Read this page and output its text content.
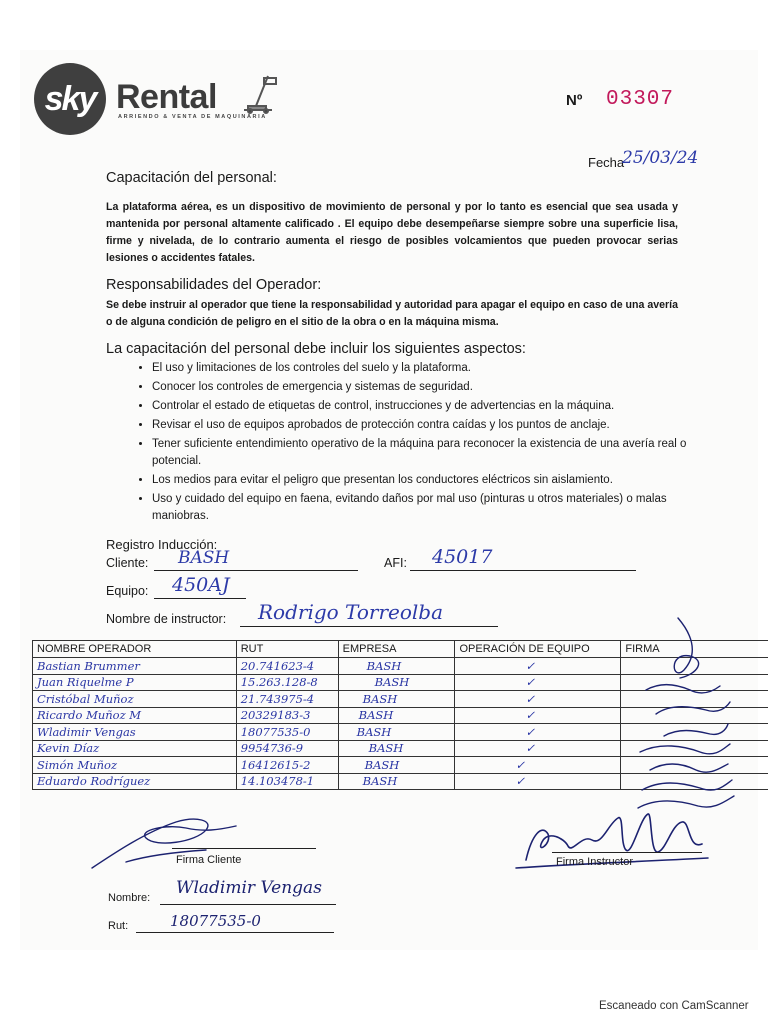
sky Rental
ARRIENDO & VENTA DE MAQUINARIA
Nº 03307
Fecha
25/03/24
Capacitación del personal:
La plataforma aérea, es un dispositivo de movimiento de personal y por lo tanto es esencial que sea usada y mantenida por personal altamente calificado . El equipo debe desempeñarse siempre sobre una superficie lisa, firme y nivelada, de lo contrario aumenta el riesgo de posibles volcamientos que pueden provocar serias lesiones o accidentes fatales.
Responsabilidades del Operador:
Se debe instruir al operador que tiene la responsabilidad y autoridad para apagar el equipo en caso de una avería o de alguna condición de peligro en el sitio de la obra o en la máquina misma.
La capacitación del personal debe incluir los siguientes aspectos:
• El uso y limitaciones de los controles del suelo y la plataforma.
• Conocer los controles de emergencia y sistemas de seguridad.
• Controlar el estado de etiquetas de control, instrucciones y de advertencias en la máquina.
• Revisar el uso de equipos aprobados de protección contra caídas y los puntos de anclaje.
• Tener suficiente entendimiento operativo de la máquina para reconocer la existencia de una avería real o potencial.
• Los medios para evitar el peligro que presentan los conductores eléctricos sin aislamiento.
• Uso y cuidado del equipo en faena, evitando daños por mal uso (pinturas u otros materiales) o malas maniobras.
Registro Inducción:
Cliente: BASH	AFI: 45017
Equipo: 450AJ
Nombre de instructor: Rodrigo Torreolba
NOMBRE OPERADOR	RUT	EMPRESA	OPERACIÓN DE EQUIPO	FIRMA
Bastian Brummer	20.741623-4	BASH	✓	
Juan Riquelme P	15.263.128-8	BASH	✓	
Cristóbal Muñoz	21.743975-4	BASH	✓	
Ricardo Muñoz M	20329183-3	BASH	✓	
Wladimir Vengas	18077535-0	BASH	✓	
Kevin Díaz	9954736-9	BASH	✓	
Simón Muñoz	16412615-2	BASH	✓	
Eduardo Rodríguez	14.103478-1	BASH	✓	
Firma Cliente	Firma Instructor
Nombre: Wladimir Vengas
Rut:	18077535-0
Escaneado con CamScanner
